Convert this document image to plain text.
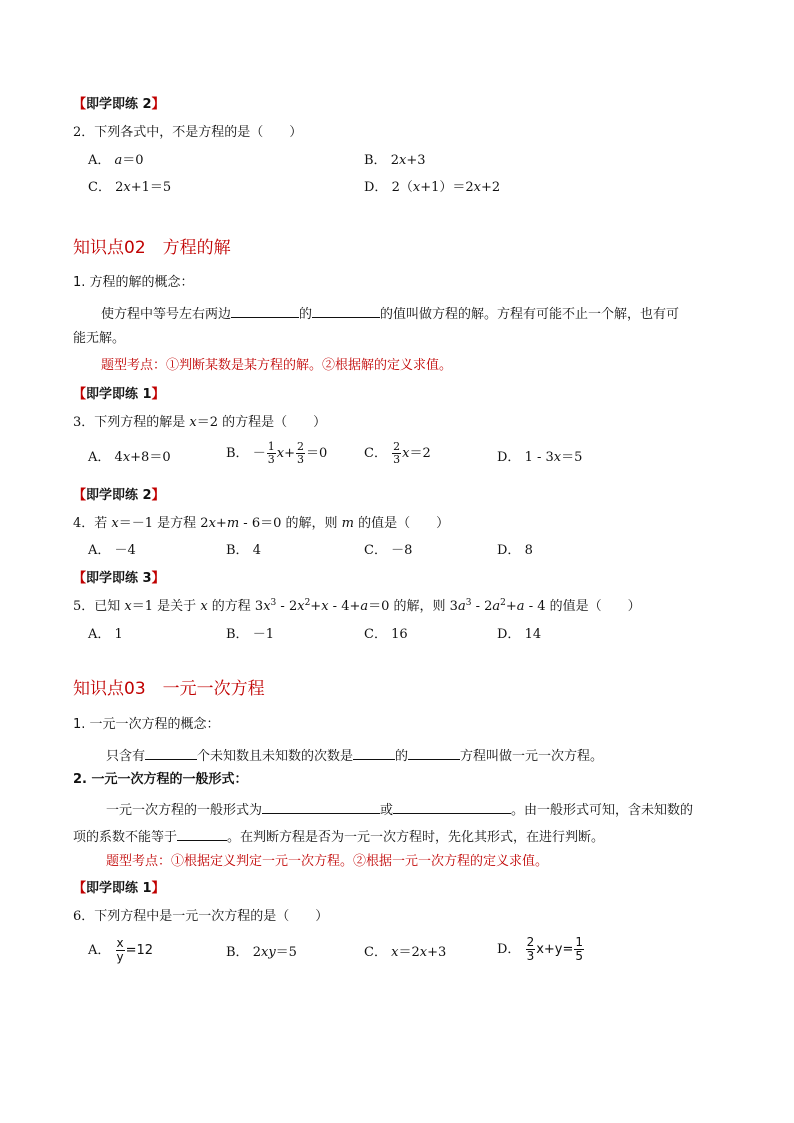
【即学即练 2】
2．下列各式中，不是方程的是（　　）
A． a＝0	B． 2x+3
C． 2x+1＝5	D． 2（x+1）＝2x+2
知识点02　方程的解
1. 方程的解的概念：
使方程中等号左右两边	的	的值叫做方程的解。方程有可能不止一个解，也有可
能无解。
题型考点：①判断某数是某方程的解。②根据解的定义求值。
【即学即练 1】
3．下列方程的解是 x＝2 的方程是（　　）
A． 4x+8＝0	B．
－ $\frac{1}{3}$ $x + \frac{2}{3} =0$	C．
$\frac{2}{3}$ x ＝2	D． 1 - 3x＝5
【即学即练 2】
4．若 x＝－1 是方程 2x+m - 6＝0 的解，则 m 的值是（　　）
A． －4	B． 4	C． －8	D． 8
【即学即练 3】
5．已知 x＝1 是关于 x 的方程 $3x^3 - 2x^2+x - 4+a=0$ 的解，则 $3a^3 - 2a^2+a - 4$ 的值是（　　）
A． 1	B． －1	C． 16	D． 14
知识点03　一元一次方程
1. 一元一次方程的概念：
只含有	个未知数且未知数的次数是	的	方程叫做一元一次方程。
2. 一元一次方程的一般形式：
一元一次方程的一般形式为	或	。由一般形式可知，含未知数的
项的系数不能等于	。在判断方程是否为一元一次方程时，先化其形式，在进行判断。
题型考点：①根据定义判定一元一次方程。②根据一元一次方程的定义求值。
【即学即练 1】
6．下列方程中是一元一次方程的是（　　）
A．
$\frac{x}{y} =12$	B． 2xy＝5	C． x＝2x+3	D．
$\frac{2}{3} x+y= \frac{1}{5}$
